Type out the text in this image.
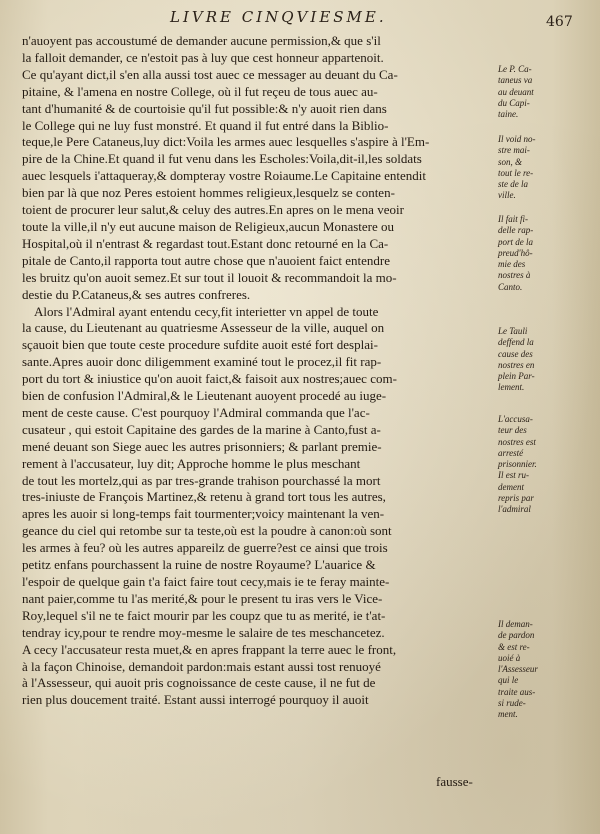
LIVRE CINQVIESME.	467
n'auoyent pas accoustumé de demander aucune permission,& que s'il
la falloit demander, ce n'estoit pas à luy que cest honneur appartenoit.
Ce qu'ayant dict,il s'en alla aussi tost auec ce messager au deuant du Ca-
pitaine, & l'amena en nostre College, où il fut reçeu de tous auec au-
tant d'humanité & de courtoisie qu'il fut possible:& n'y auoit rien dans
le College qui ne luy fust monstré. Et quand il fut entré dans la Biblio-
teque,le Pere Cataneus,luy dict:Voila les armes auec lesquelles s'aspire à l'Em-
pire de la Chine.Et quand il fut venu dans les Escholes:Voila,dit-il,les soldats
auec lesquels i'attaqueray,& dompteray vostre Roiaume.Le Capitaine entendit
bien par là que noz Peres estoient hommes religieux,lesquelz se conten-
toient de procurer leur salut,& celuy des autres.En apres on le mena veoir
toute la ville,il n'y eut aucune maison de Religieux,aucun Monastere ou
Hospital,où il n'entrast & regardast tout.Estant donc retourné en la Ca-
pitale de Canto,il rapporta tout autre chose que n'auoient faict entendre
les bruitz qu'on auoit semez.Et sur tout il louoit & recommandoit la mo-
destie du P.Cataneus,& ses autres confreres.
Alors l'Admiral ayant entendu cecy,fit interietter vn appel de toute
la cause, du Lieutenant au quatriesme Assesseur de la ville, auquel on
sçauoit bien que toute ceste procedure sufdite auoit esté fort desplai-
sante.Apres auoir donc diligemment examiné tout le procez,il fit rap-
port du tort & iniustice qu'on auoit faict,& faisoit aux nostres;auec com-
bien de confusion l'Admiral,& le Lieutenant auoyent procedé au iuge-
ment de ceste cause. C'est pourquoy l'Admiral commanda que l'ac-
cusateur , qui estoit Capitaine des gardes de la marine à Canto,fust a-
mené deuant son Siege auec les autres prisonniers; & parlant premie-
rement à l'accusateur, luy dit; Approche homme le plus meschant
de tout les mortelz,qui as par tres-grande trahison pourchassé la mort
tres-iniuste de François Martinez,& retenu à grand tort tous les autres,
apres les auoir si long-temps fait tourmenter;voicy maintenant la ven-
geance du ciel qui retombe sur ta teste,où est la poudre à canon:où sont
les armes à feu? où les autres appareilz de guerre?est ce ainsi que trois
petitz enfans pourchassent la ruine de nostre Royaume? L'auarice &
l'espoir de quelque gain t'a faict faire tout cecy,mais ie te feray mainte-
nant paier,comme tu l'as merité,& pour le present tu iras vers le Vice-
Roy,lequel s'il ne te faict mourir par les coupz que tu as merité, ie t'at-
tendray icy,pour te rendre moy-mesme le salaire de tes meschancetez.
A cecy l'accusateur resta muet,& en apres frappant la terre auec le front,
à la façon Chinoise, demandoit pardon:mais estant aussi tost renuoyé
à l'Assesseur, qui auoit pris cognoissance de ceste cause, il ne fut de
rien plus doucement traité. Estant aussi interrogé pourquoy il auoit
Le P. Ca-
taneus va
au deuant
du Capi-
taine.
Il void no-
stre mai-
son, &
tout le re-
ste de la
ville.
Il fait fi-
delle rap-
port de la
preud'hô-
mie des
nostres à
Canto.
Le Tauli
deffend la
cause des
nostres en
plein Par-
lement.
L'accusa-
teur des
nostres est
arresté
prisonnier.
Il est ru-
dement
repris par
l'admiral
Il deman-
de pardon
& est re-
uoié à
l'Assesseur
qui le
traite aus-
si rude-
ment.
fausse-
